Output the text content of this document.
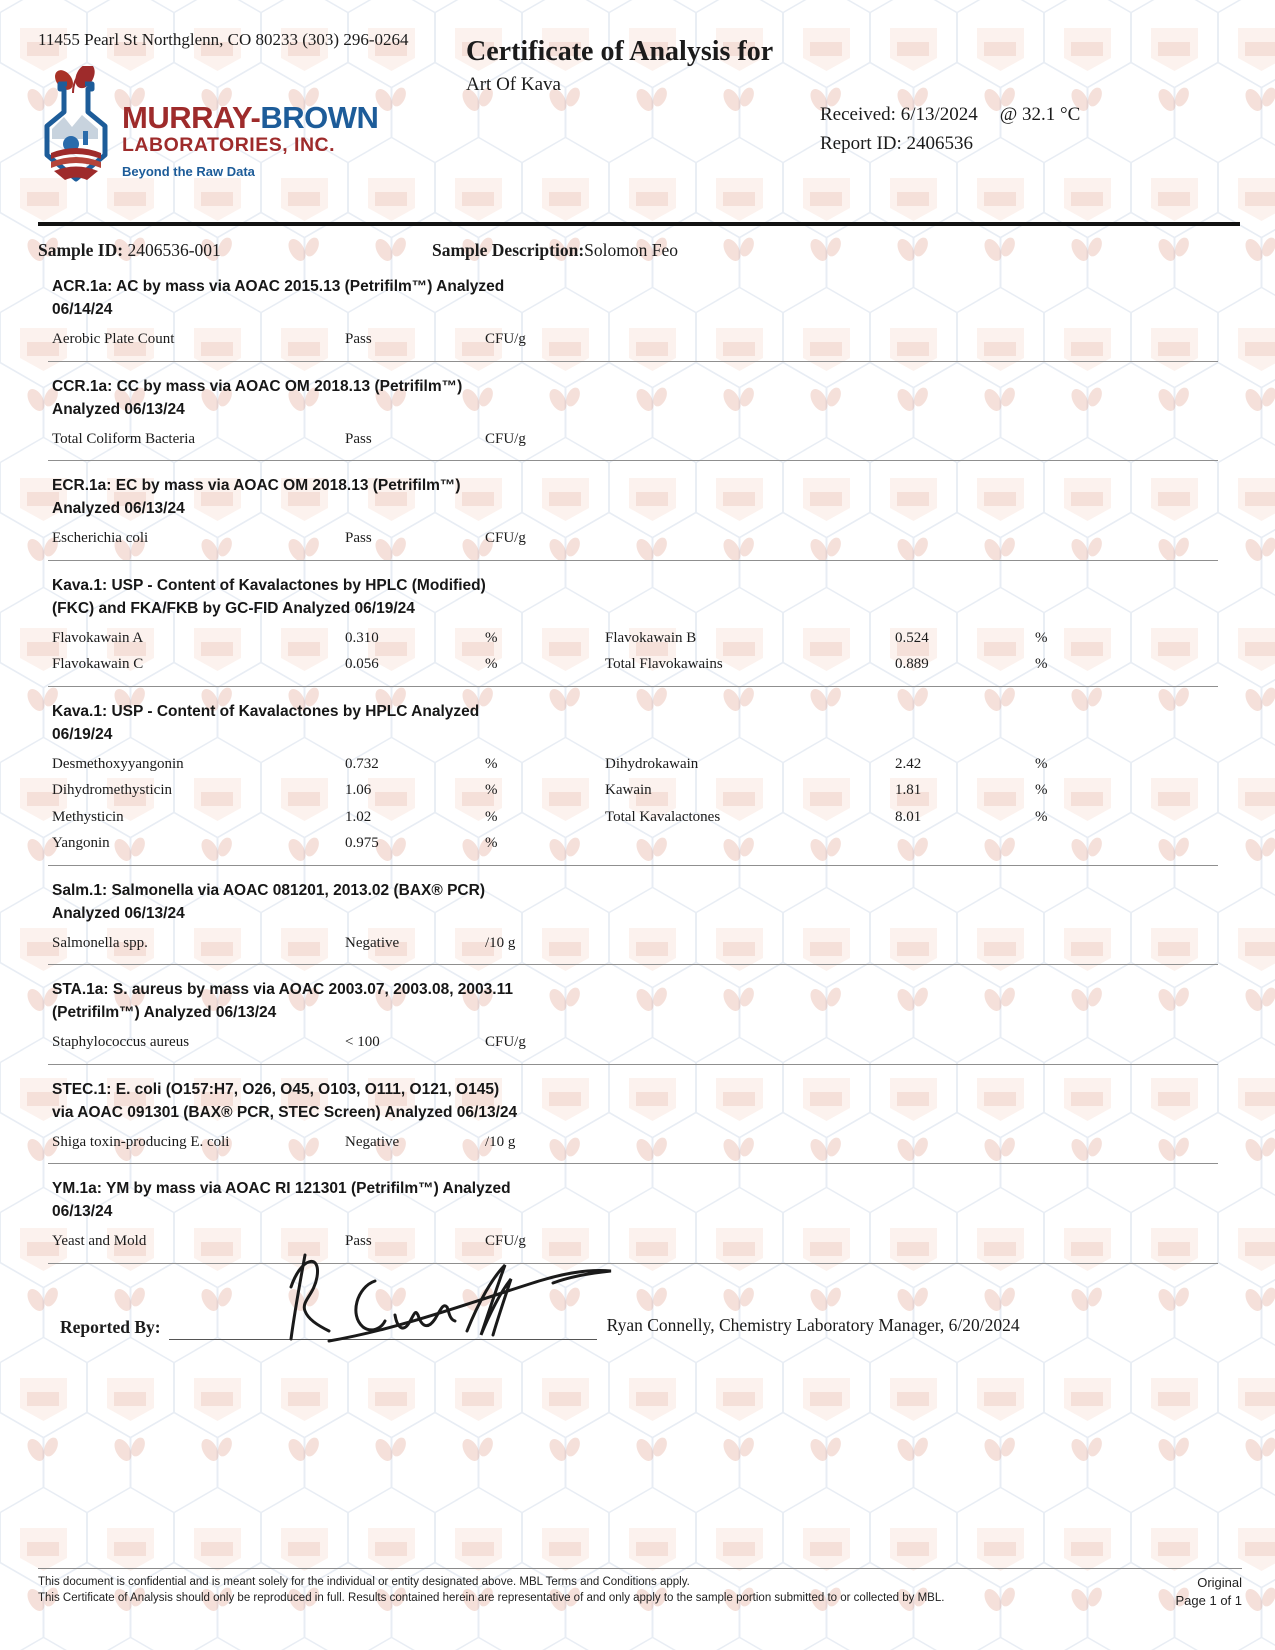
11455 Pearl St Northglenn, CO 80233 (303) 296-0264
MURRAY-BROWN
LABORATORIES, INC.
Beyond the Raw Data
Certificate of Analysis for
Art Of Kava
Received: 6/13/2024 @ 32.1 °C
Report ID: 2406536
Sample ID: 2406536-001	Sample Description:Solomon Feo
ACR.1a: AC by mass via AOAC 2015.13 (Petrifilm™) Analyzed
06/14/24
Aerobic Plate Count	Pass	CFU/g
CCR.1a: CC by mass via AOAC OM 2018.13 (Petrifilm™)
Analyzed 06/13/24
Total Coliform Bacteria	Pass	CFU/g
ECR.1a: EC by mass via AOAC OM 2018.13 (Petrifilm™)
Analyzed 06/13/24
Escherichia coli	Pass	CFU/g
Kava.1: USP - Content of Kavalactones by HPLC (Modified)
(FKC) and FKA/FKB by GC-FID Analyzed 06/19/24
Flavokawain A	0.310	%	Flavokawain B	0.524	%
Flavokawain C	0.056	%	Total Flavokawains	0.889	%
Kava.1: USP - Content of Kavalactones by HPLC Analyzed
06/19/24
Desmethoxyyangonin	0.732	%	Dihydrokawain	2.42	%
Dihydromethysticin	1.06	%	Kawain	1.81	%
Methysticin	1.02	%	Total Kavalactones	8.01	%
Yangonin	0.975	%
Salm.1: Salmonella via AOAC 081201, 2013.02 (BAX® PCR)
Analyzed 06/13/24
Salmonella spp.	Negative	/10 g
STA.1a: S. aureus by mass via AOAC 2003.07, 2003.08, 2003.11
(Petrifilm™) Analyzed 06/13/24
Staphylococcus aureus	< 100	CFU/g
STEC.1: E. coli (O157:H7, O26, O45, O103, O111, O121, O145)
via AOAC 091301 (BAX® PCR, STEC Screen) Analyzed 06/13/24
Shiga toxin-producing E. coli	Negative	/10 g
YM.1a: YM by mass via AOAC RI 121301 (Petrifilm™) Analyzed
06/13/24
Yeast and Mold	Pass	CFU/g
Reported By:	Ryan Connelly, Chemistry Laboratory Manager, 6/20/2024
This document is confidential and is meant solely for the individual or entity designated above. MBL Terms and Conditions apply.
This Certificate of Analysis should only be reproduced in full. Results contained herein are representative of and only apply to the sample portion submitted to or collected by MBL.
Original
Page 1 of 1
